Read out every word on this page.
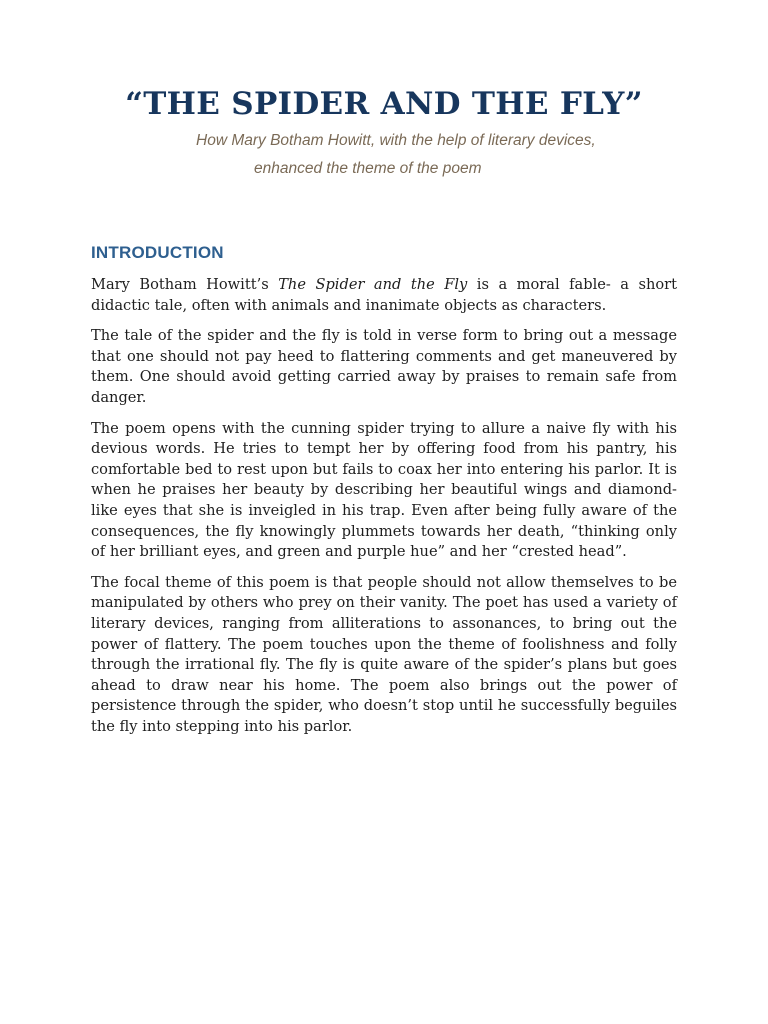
“THE SPIDER AND THE FLY”
How Mary Botham Howitt, with the help of literary devices,
enhanced the theme of the poem
INTRODUCTION

Mary Botham Howitt’s The Spider and the Fly is a moral fable- a short didactic tale, often with animals and inanimate objects as characters.

The tale of the spider and the fly is told in verse form to bring out a message that one should not pay heed to flattering comments and get maneuvered by them. One should avoid getting carried away by praises to remain safe from danger.

The poem opens with the cunning spider trying to allure a naive fly with his devious words. He tries to tempt her by offering food from his pantry, his comfortable bed to rest upon but fails to coax her into entering his parlor. It is when he praises her beauty by describing her beautiful wings and diamond-like eyes that she is inveigled in his trap. Even after being fully aware of the consequences, the fly knowingly plummets towards her death, “thinking only of her brilliant eyes, and green and purple hue” and her “crested head”.

The focal theme of this poem is that people should not allow themselves to be manipulated by others who prey on their vanity. The poet has used a variety of literary devices, ranging from alliterations to assonances, to bring out the power of flattery. The poem touches upon the theme of foolishness and folly through the irrational fly. The fly is quite aware of the spider’s plans but goes ahead to draw near his home. The poem also brings out the power of persistence through the spider, who doesn’t stop until he successfully beguiles the fly into stepping into his parlor.
